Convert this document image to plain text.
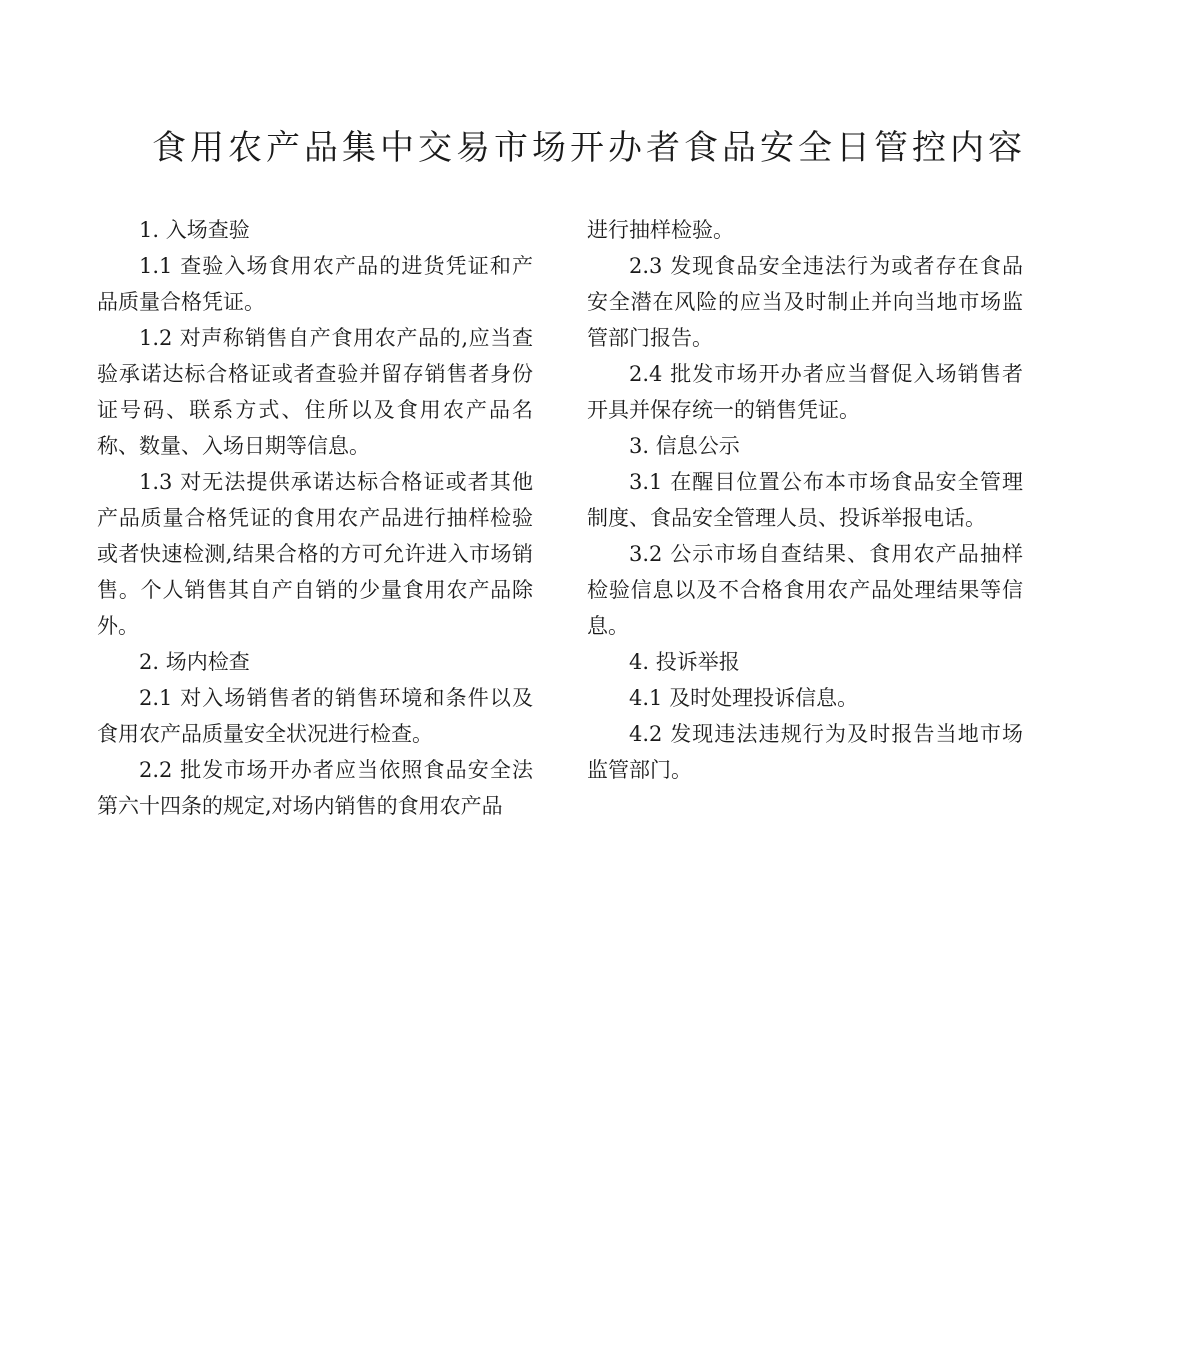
食用农产品集中交易市场开办者食品安全日管控内容

1. 入场查验

1.1 查验入场食用农产品的进货凭证和产品质量合格凭证。

1.2 对声称销售自产食用农产品的,应当查验承诺达标合格证或者查验并留存销售者身份证号码、联系方式、住所以及食用农产品名称、数量、入场日期等信息。

1.3 对无法提供承诺达标合格证或者其他产品质量合格凭证的食用农产品进行抽样检验或者快速检测,结果合格的方可允许进入市场销售。个人销售其自产自销的少量食用农产品除外。

2. 场内检查

2.1 对入场销售者的销售环境和条件以及食用农产品质量安全状况进行检查。

2.2 批发市场开办者应当依照食品安全法第六十四条的规定,对场内销售的食用农产品

进行抽样检验。

2.3 发现食品安全违法行为或者存在食品安全潜在风险的应当及时制止并向当地市场监管部门报告。

2.4 批发市场开办者应当督促入场销售者开具并保存统一的销售凭证。

3. 信息公示

3.1 在醒目位置公布本市场食品安全管理制度、食品安全管理人员、投诉举报电话。

3.2 公示市场自查结果、食用农产品抽样检验信息以及不合格食用农产品处理结果等信息。

4. 投诉举报

4.1 及时处理投诉信息。

4.2 发现违法违规行为及时报告当地市场监管部门。
